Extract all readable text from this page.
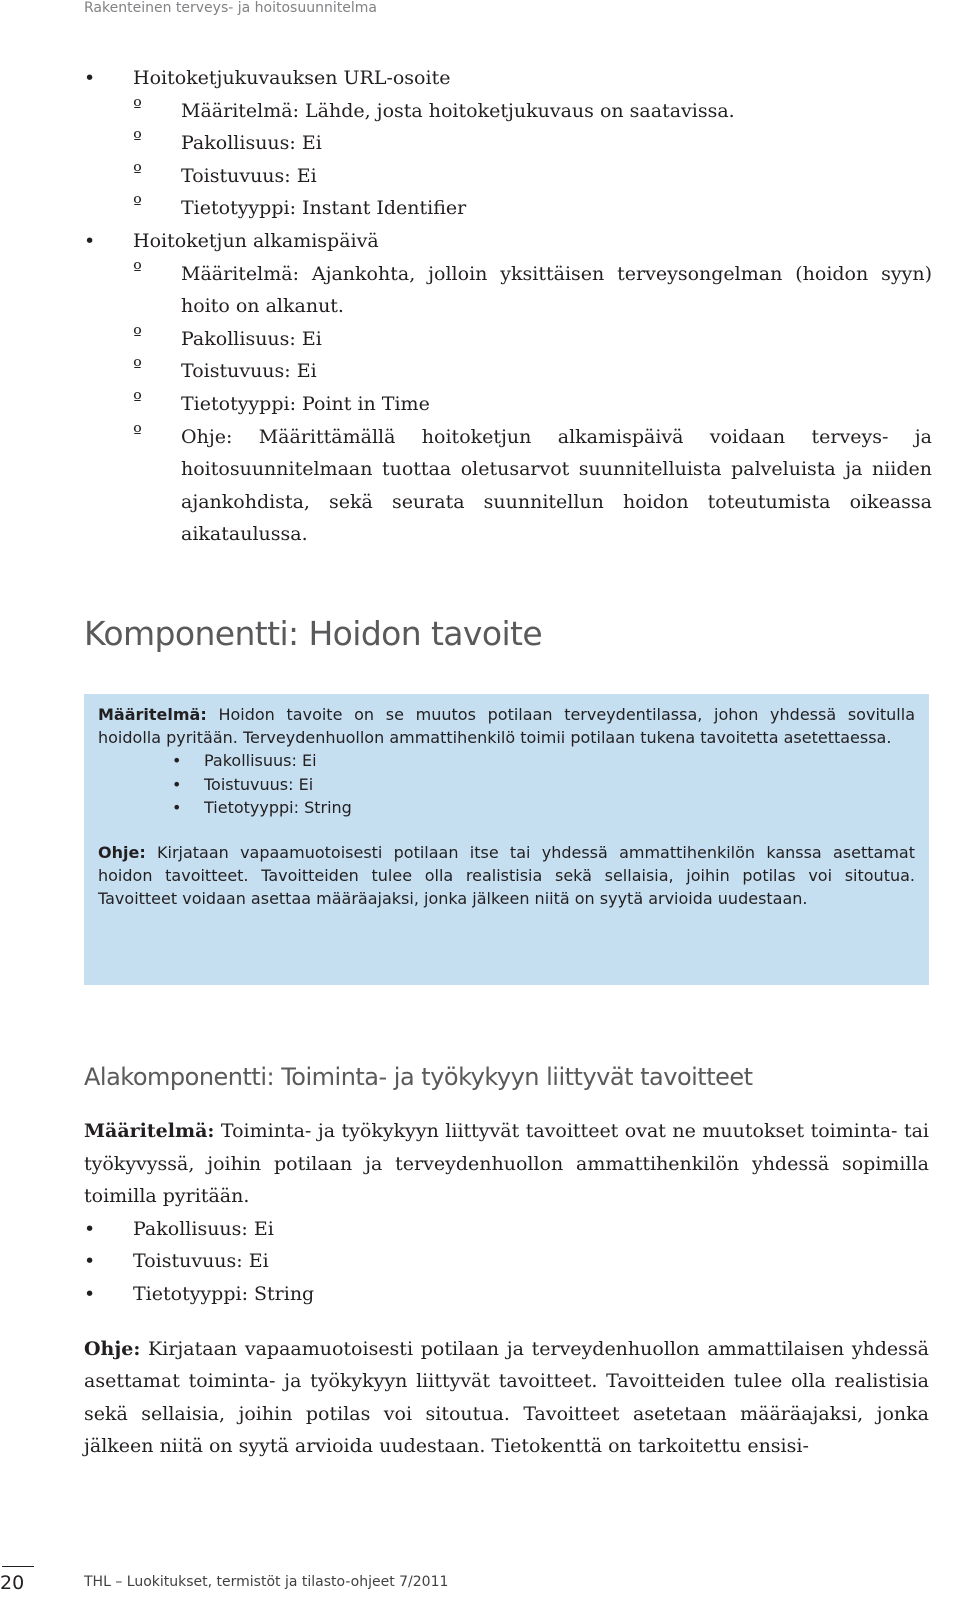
Rakenteinen terveys- ja hoitosuunnitelma
• Hoitoketjukuvauksen URL-osoite
º Määritelmä: Lähde, josta hoitoketjukuvaus on saatavissa.
º Pakollisuus: Ei
º Toistuvuus: Ei
º Tietotyyppi: Instant Identifier
• Hoitoketjun alkamispäivä
º Määritelmä: Ajankohta, jolloin yksittäisen terveysongelman (hoidon syyn) hoito on alkanut.
º Pakollisuus: Ei
º Toistuvuus: Ei
º Tietotyyppi: Point in Time
º Ohje: Määrittämällä hoitoketjun alkamispäivä voidaan terveys- ja hoitosuunnitelmaan tuottaa oletusarvot suunnitelluista palveluista ja niiden ajankohdista, sekä seurata suunnitellun hoidon toteutumista oikeassa aikataulussa.
Komponentti: Hoidon tavoite

Määritelmä: Hoidon tavoite on se muutos potilaan terveydentilassa, johon yhdessä sovitulla hoidolla pyritään. Terveydenhuollon ammattihenkilö toimii potilaan tukena tavoitetta asetettaessa.

• Pakollisuus: Ei
• Toistuvuus: Ei
• Tietotyyppi: String

Ohje: Kirjataan vapaamuotoisesti potilaan itse tai yhdessä ammattihenkilön kanssa asettamat hoidon tavoitteet. Tavoitteiden tulee olla realistisia sekä sellaisia, joihin potilas voi sitoutua. Tavoitteet voidaan asettaa määräajaksi, jonka jälkeen niitä on syytä arvioida uudestaan.

Alakomponentti: Toiminta- ja työkykyyn liittyvät tavoitteet

Määritelmä: Toiminta- ja työkykyyn liittyvät tavoitteet ovat ne muutokset toiminta- tai työkyvyssä, joihin potilaan ja terveydenhuollon ammattihenkilön yhdessä sopimilla toimilla pyritään.

• Pakollisuus: Ei
• Toistuvuus: Ei
• Tietotyyppi: String

Ohje: Kirjataan vapaamuotoisesti potilaan ja terveydenhuollon ammattilaisen yhdessä asettamat toiminta- ja työkykyyn liittyvät tavoitteet. Tavoitteiden tulee olla realistisia sekä sellaisia, joihin potilas voi sitoutua. Tavoitteet asetetaan määräajaksi, jonka jälkeen niitä on syytä arvioida uudestaan. Tietokenttä on tarkoitettu ensisi-

20	THL – Luokitukset, termistöt ja tilasto-ohjeet 7/2011
